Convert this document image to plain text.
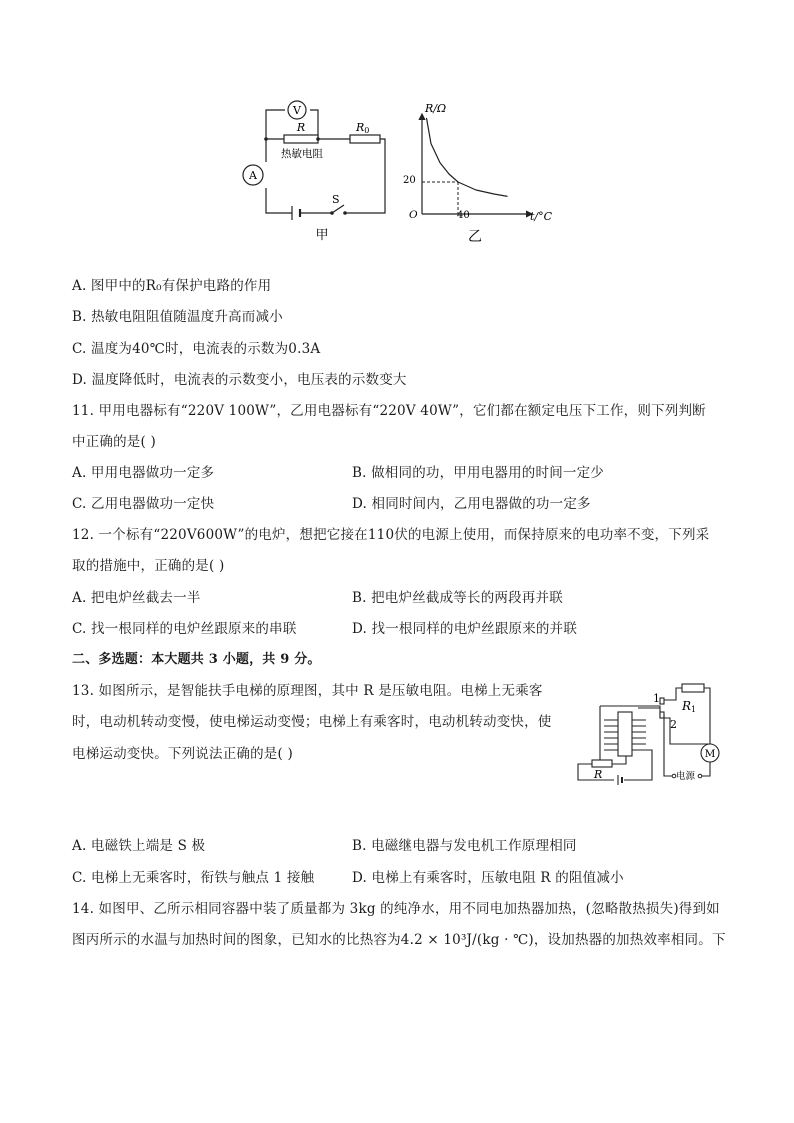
V
R
热敏电阻
R0
A
S
甲
R/Ω
t/°C
O
20
40
乙
A. 图甲中的R₀有保护电路的作用
B. 热敏电阻阻值随温度升高而减小
C. 温度为40℃时，电流表的示数为0.3A
D. 温度降低时，电流表的示数变小，电压表的示数变大
11. 甲用电器标有“220V 100W”，乙用电器标有“220V 40W”，它们都在额定电压下工作，则下列判断
中正确的是( )
A. 甲用电器做功一定多	B. 做相同的功，甲用电器用的时间一定少
C. 乙用电器做功一定快	D. 相同时间内，乙用电器做的功一定多
12. 一个标有“220V600W”的电炉，想把它接在110伏的电源上使用，而保持原来的电功率不变，下列采
取的措施中，正确的是( )
A. 把电炉丝截去一半	B. 把电炉丝截成等长的两段再并联
C. 找一根同样的电炉丝跟原来的串联	D. 找一根同样的电炉丝跟原来的并联
二、多选题：本大题共 3 小题，共 9 分。
13. 如图所示，是智能扶手电梯的原理图，其中 R 是压敏电阻。电梯上无乘客
时，电动机转动变慢，使电梯运动变慢；电梯上有乘客时，电动机转动变快，使
电梯运动变快。下列说法正确的是( )	M
1
2
R1
R	电源
A. 电磁铁上端是 S 极	B. 电磁继电器与发电机工作原理相同
C. 电梯上无乘客时，衔铁与触点 1 接触	D. 电梯上有乘客时，压敏电阻 R 的阻值减小
14. 如图甲、乙所示相同容器中装了质量都为 3kg 的纯净水，用不同电加热器加热，(忽略散热损失)得到如
图丙所示的水温与加热时间的图象，已知水的比热容为4.2 × 10³J/(kg · ℃)，设加热器的加热效率相同。下
